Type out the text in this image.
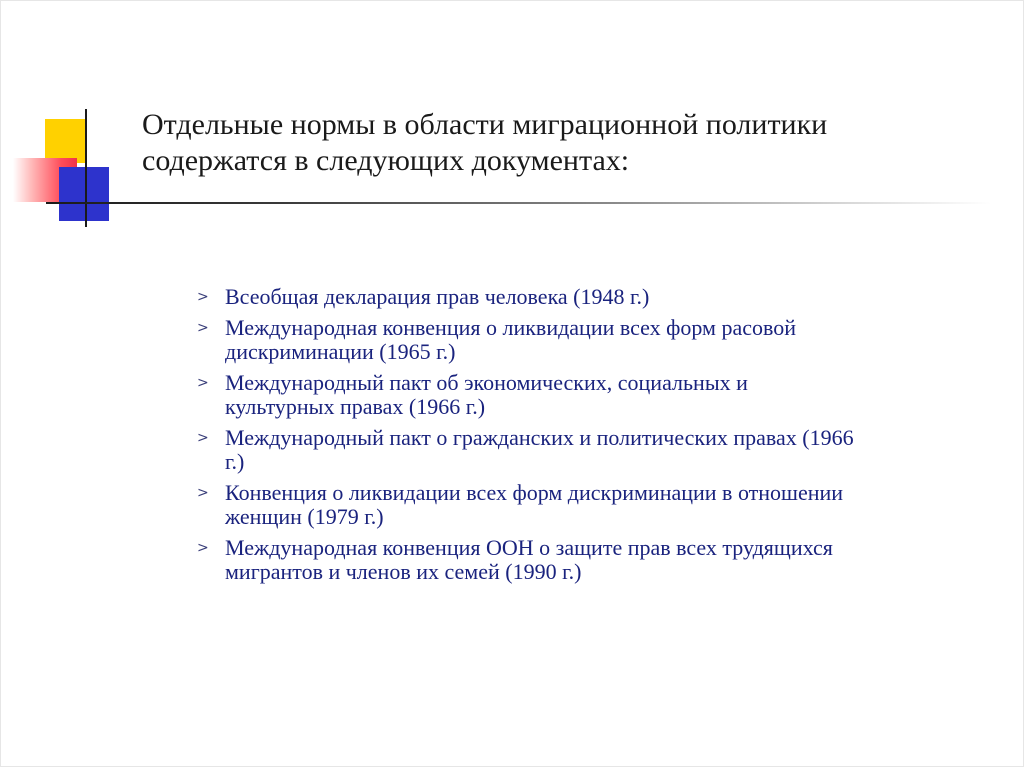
Отдельные нормы в области миграционной политики
содержатся в следующих документах:
> Всеобщая декларация прав человека (1948 г.)
> Международная конвенция о ликвидации всех форм расовой дискриминации (1965 г.)
> Международный пакт об экономических, социальных и культурных правах (1966 г.)
> Международный пакт о гражданских и политических правах (1966 г.)
> Конвенция о ликвидации всех форм дискриминации в отношении женщин (1979 г.)
> Международная конвенция ООН о защите прав всех трудящихся мигрантов и членов их семей (1990 г.)
